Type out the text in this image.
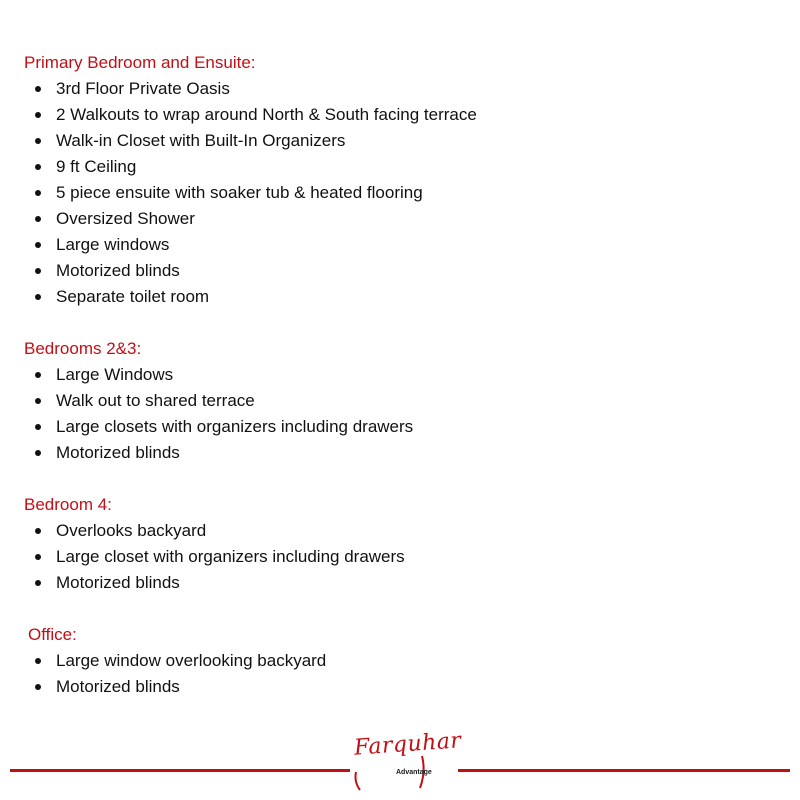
Primary Bedroom and Ensuite:
3rd Floor Private Oasis
2 Walkouts to wrap around North & South facing terrace
Walk-in Closet with Built-In Organizers
9 ft Ceiling
5 piece ensuite with soaker tub & heated flooring
Oversized Shower
Large windows
Motorized blinds
Separate toilet room
Bedrooms 2&3:
Large Windows
Walk out to shared terrace
Large closets with organizers including drawers
Motorized blinds
Bedroom 4:
Overlooks backyard
Large closet with organizers including drawers
Motorized blinds
Office:
Large window overlooking backyard
Motorized blinds
Farquhar
Advantage
